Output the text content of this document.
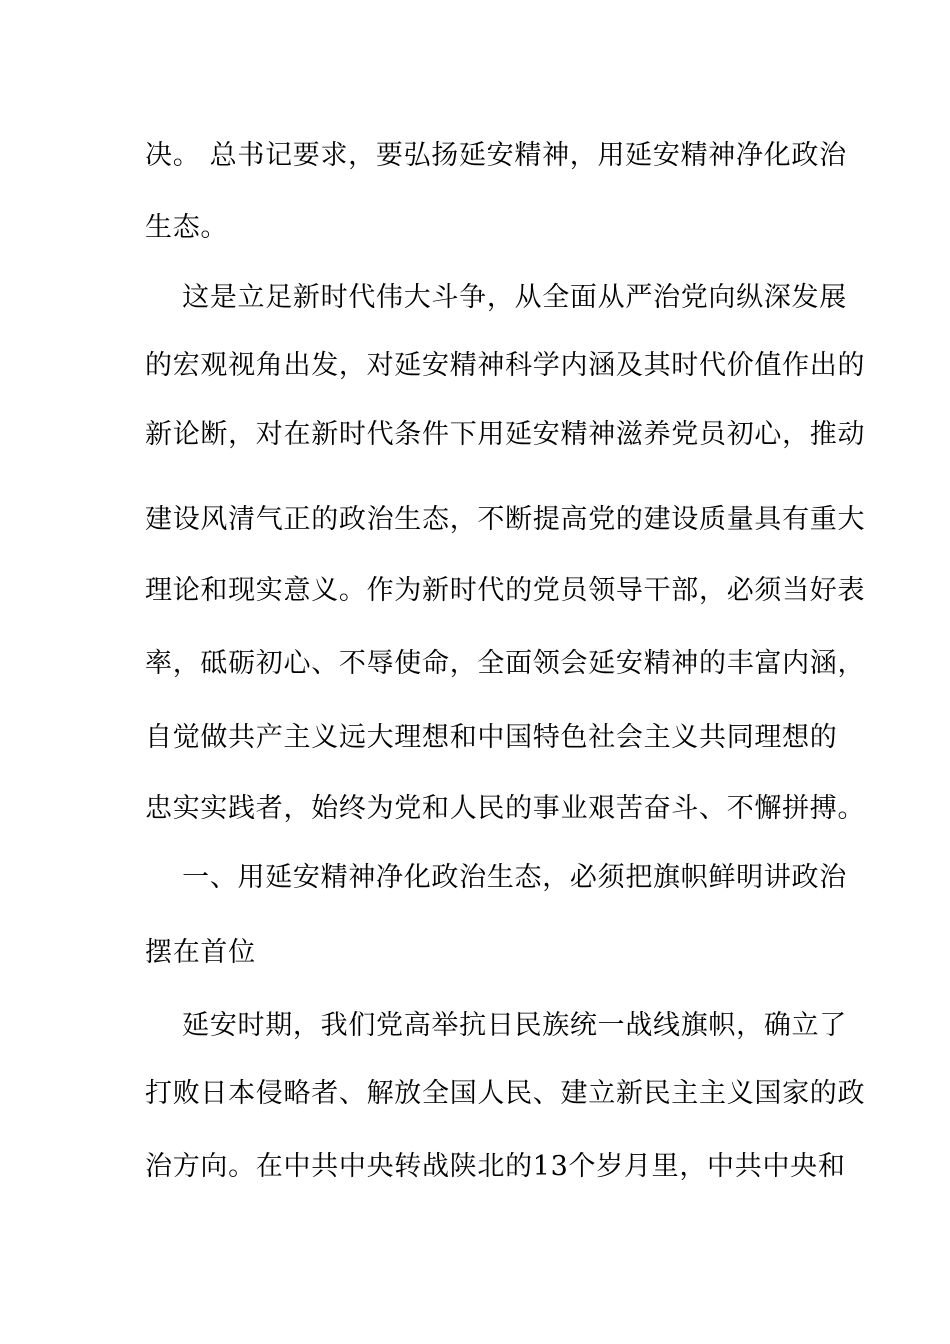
决。 总书记要求，要弘扬延安精神，用延安精神净化政治
生态。
这是立足新时代伟大斗争，从全面从严治党向纵深发展
的宏观视角出发，对延安精神科学内涵及其时代价值作出的
新论断，对在新时代条件下用延安精神滋养党员初心，推动
建设风清气正的政治生态，不断提高党的建设质量具有重大
理论和现实意义。作为新时代的党员领导干部，必须当好表
率，砥砺初心、不辱使命，全面领会延安精神的丰富内涵，
自觉做共产主义远大理想和中国特色社会主义共同理想的
忠实实践者，始终为党和人民的事业艰苦奋斗、不懈拼搏。
一、用延安精神净化政治生态，必须把旗帜鲜明讲政治
摆在首位
延安时期，我们党高举抗日民族统一战线旗帜，确立了
打败日本侵略者、解放全国人民、建立新民主主义国家的政
治方向。在中共中央转战陕北的13个岁月里，中共中央和
